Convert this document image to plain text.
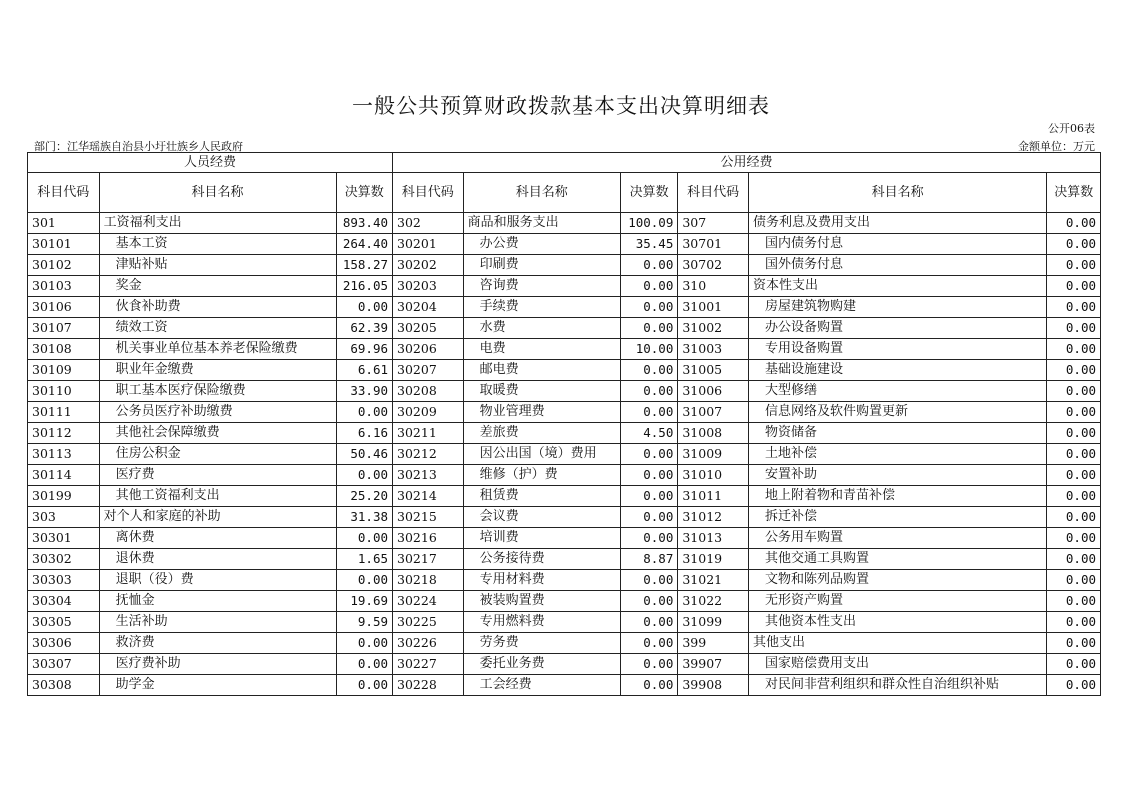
一般公共预算财政拨款基本支出决算明细表
公开06表
部门：江华瑶族自治县小圩壮族乡人民政府	金额单位：万元
人员经费			公用经费					
科目代码	科目名称	决算数	科目代码	科目名称	决算数	科目代码	科目名称	决算数
301	工资福利支出	893.40	302	商品和服务支出	100.09	307	债务利息及费用支出	0.00
30101	基本工资	264.40	30201	办公费	35.45	30701	国内债务付息	0.00
30102	津贴补贴	158.27	30202	印刷费	0.00	30702	国外债务付息	0.00
30103	奖金	216.05	30203	咨询费	0.00	310	资本性支出	0.00
30106	伙食补助费	0.00	30204	手续费	0.00	31001	房屋建筑物购建	0.00
30107	绩效工资	62.39	30205	水费	0.00	31002	办公设备购置	0.00
30108	机关事业单位基本养老保险缴费	69.96	30206	电费	10.00	31003	专用设备购置	0.00
30109	职业年金缴费	6.61	30207	邮电费	0.00	31005	基础设施建设	0.00
30110	职工基本医疗保险缴费	33.90	30208	取暖费	0.00	31006	大型修缮	0.00
30111	公务员医疗补助缴费	0.00	30209	物业管理费	0.00	31007	信息网络及软件购置更新	0.00
30112	其他社会保障缴费	6.16	30211	差旅费	4.50	31008	物资储备	0.00
30113	住房公积金	50.46	30212	因公出国（境）费用	0.00	31009	土地补偿	0.00
30114	医疗费	0.00	30213	维修（护）费	0.00	31010	安置补助	0.00
30199	其他工资福利支出	25.20	30214	租赁费	0.00	31011	地上附着物和青苗补偿	0.00
303	对个人和家庭的补助	31.38	30215	会议费	0.00	31012	拆迁补偿	0.00
30301	离休费	0.00	30216	培训费	0.00	31013	公务用车购置	0.00
30302	退休费	1.65	30217	公务接待费	8.87	31019	其他交通工具购置	0.00
30303	退职（役）费	0.00	30218	专用材料费	0.00	31021	文物和陈列品购置	0.00
30304	抚恤金	19.69	30224	被装购置费	0.00	31022	无形资产购置	0.00
30305	生活补助	9.59	30225	专用燃料费	0.00	31099	其他资本性支出	0.00
30306	救济费	0.00	30226	劳务费	0.00	399	其他支出	0.00
30307	医疗费补助	0.00	30227	委托业务费	0.00	39907	国家赔偿费用支出	0.00
30308	助学金	0.00	30228	工会经费	0.00	39908	对民间非营利组织和群众性自治组织补贴	0.00
